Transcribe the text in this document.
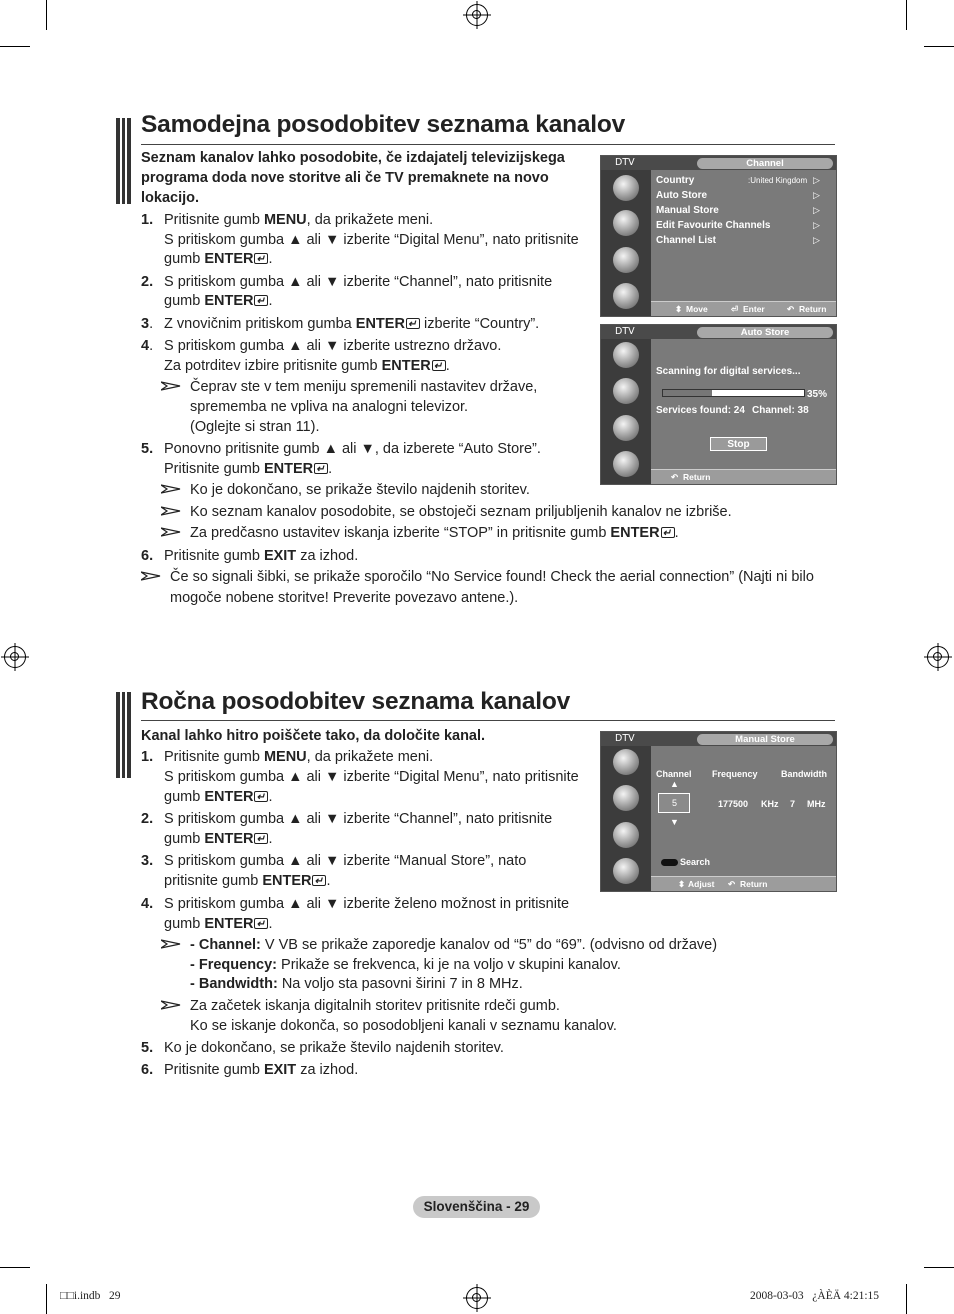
Samodejna posodobitev seznama kanalov
Seznam kanalov lahko posodobite, če izdajatelj televizijskega
programa doda nove storitve ali če TV premaknete na novo
lokacijo.
1. Pritisnite gumb MENU, da prikažete meni.
S pritiskom gumba ▲ ali ▼ izberite “Digital Menu”, nato pritisnite
gumb ENTER ↵ .
2. S pritiskom gumba ▲ ali ▼ izberite “Channel”, nato pritisnite
gumb ENTER ↵ .
3. Z vnovičnim pritiskom gumba ENTER↵ izberite “Country”.
4. S pritiskom gumba ▲ ali ▼ izberite ustrezno državo.
Za potrditev izbire pritisnite gumb ENTER ↵ .
Čeprav ste v tem meniju spremenili nastavitev države,
sprememba ne vpliva na analogni televizor.
(Oglejte si stran 11).
5. Ponovno pritisnite gumb ▲ ali ▼, da izberete “Auto Store”.
Pritisnite gumb ENTER ↵ .
Ko je dokončano, se prikaže število najdenih storitev.
Ko seznam kanalov posodobite, se obstoječi seznam priljubljenih kanalov ne izbriše.
Za predčasno ustavitev iskanja izberite “STOP” in pritisnite gumb ENTER ↵ .
6. Pritisnite gumb EXIT za izhod.
Če so signali šibki, se prikaže sporočilo “No Service found! Check the aerial connection” (Najti ni bilo
mogoče nobene storitve! Preverite povezavo antene.).
DTV	Channel
Country	:United Kingdom
Auto Store
Manual Store
Edit Favourite Channels
Channel List
▷
▷
▷
▷
▷
⬍ Move	⏎ Enter	↶ Return
DTV	Auto Store
Scanning for digital services...
35%
Services found: 24 Channel: 38
Stop
↶ Return
Ročna posodobitev seznama kanalov
Kanal lahko hitro poiščete tako, da določite kanal.
1. Pritisnite gumb MENU, da prikažete meni.
S pritiskom gumba ▲ ali ▼ izberite “Digital Menu”, nato pritisnite
gumb ENTER ↵ .
2. S pritiskom gumba ▲ ali ▼ izberite “Channel”, nato pritisnite
gumb ENTER ↵ .
3. S pritiskom gumba ▲ ali ▼ izberite “Manual Store”, nato
pritisnite gumb ENTER ↵ .
4. S pritiskom gumba ▲ ali ▼ izberite želeno možnost in pritisnite
gumb ENTER ↵ .
- Channel: V VB se prikaže zaporedje kanalov od “5” do “69”. (odvisno od države)
- Frequency: Prikaže se frekvenca, ki je na voljo v skupini kanalov.
- Bandwidth: Na voljo sta pasovni širini 7 in 8 MHz.
Za začetek iskanja digitalnih storitev pritisnite rdeči gumb.
Ko se iskanje dokonča, so posodobljeni kanali v seznamu kanalov.
5. Ko je dokončano, se prikaže število najdenih storitev.
6. Pritisnite gumb EXIT za izhod.
DTV	Manual Store
Channel Frequency	Bandwidth
▲
5
▼
177500 KHz 7 MHz
Search
⬍ Adjust ↶ Return
Slovenščina - 29
□□i.indb   29	2008-03-03   ¿ÀÈÄ 4:21:15
